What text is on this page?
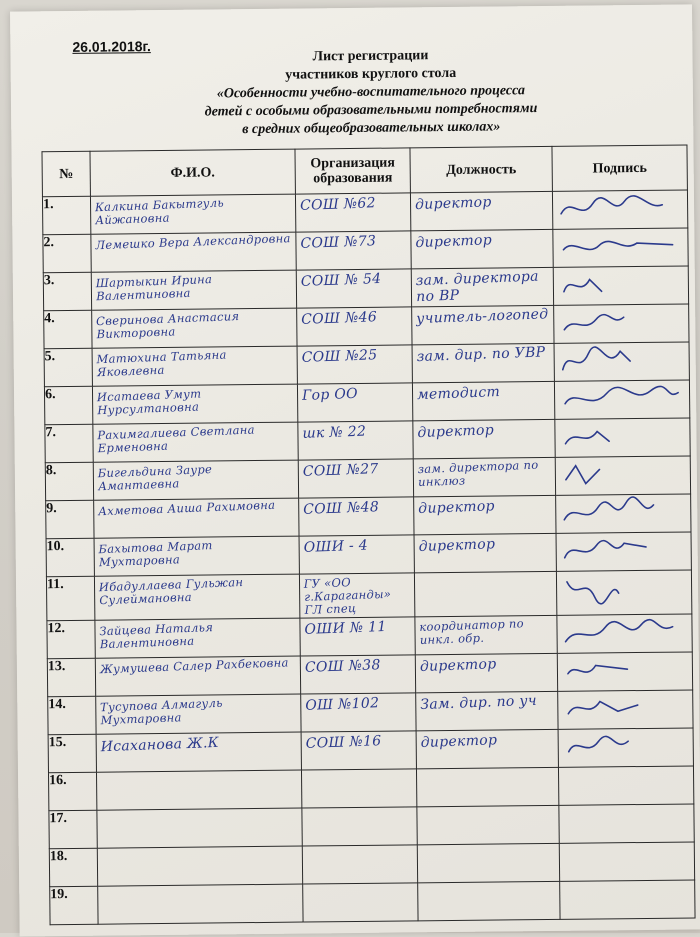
26.01.2018г.
Лист регистрации
участников круглого стола
«Особенности учебно-воспитательного процесса
детей с особыми образовательными потребностями
в средних общеобразовательных школах»
№	Ф.И.О.	Организация образования	Должность	Подпись
1.	Калкина Бакытгуль Айжановна	СОШ №62	директор

2.	Лемешко Вера Александровна	СОШ №73	директор

3.	Шартыкин Ирина Валентиновна	СОШ № 54	зам. директора по ВР

4.	Сверинова Анастасия Викторовна	СОШ №46	учитель-логопед

5.	Матюхина Татьяна Яковлевна	СОШ №25	зам. дир. по УВР

6.	Исатаева Умут Нурсултановна	Гор ОО	методист

7.	Рахимгалиева Светлана Ерменовна	шк № 22	директор

8.	Бигельдина Зауре Амантаевна	СОШ №27	зам. директора по инклюз

9.	Ахметова Аиша Рахимовна	СОШ №48	директор

10.	Бахытова Марат Мухтаровна	ОШИ - 4	директор

11.	Ибадуллаева Гульжан Сулеймановна	ГУ «ОО г.Караганды» ГЛ спец

12.	Зайцева Наталья Валентиновна	ОШИ № 11	координатор по инкл. обр.

13.	Жумушева Салер Рахбековна	СОШ №38	директор

14.	Тусупова Алмагуль Мухтаровна	ОШ №102	Зам. дир. по уч

15.	Исаханова Ж.К	СОШ №16	директор

16.	

17.	

18.	

19.	
